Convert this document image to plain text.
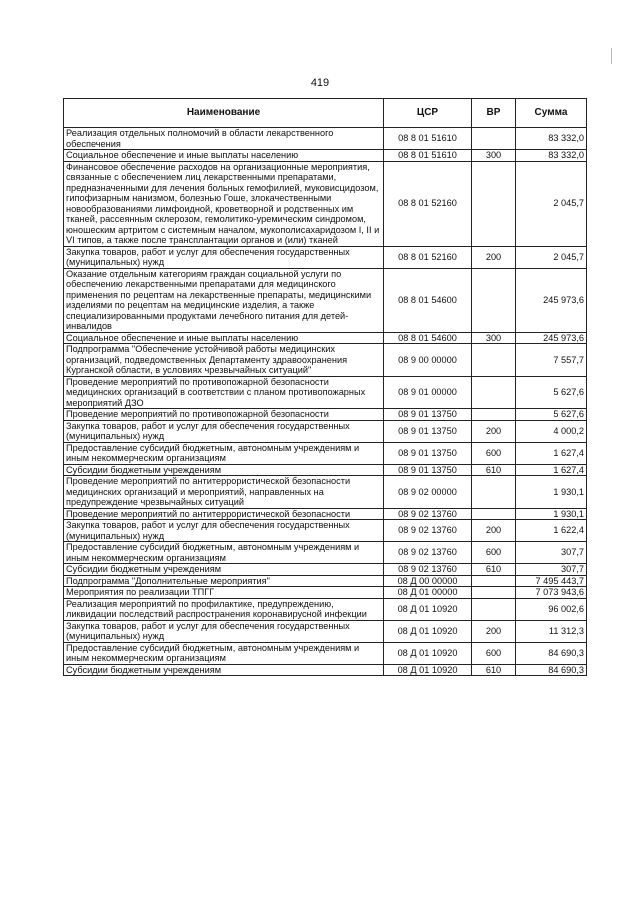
419
Наименование	ЦСР	ВР	Сумма
Реализация отдельных полномочий в области лекарственного обеспечения	08 8 01 51610		83 332,0
Социальное обеспечение и иные выплаты населению	08 8 01 51610	300	83 332,0
Финансовое обеспечение расходов на организационные мероприятия, связанные с обеспечением лиц лекарственными препаратами, предназначенными для лечения больных гемофилией, муковисцидозом, гипофизарным нанизмом, болезнью Гоше, злокачественными новообразованиями лимфоидной, кроветворной и родственных им тканей, рассеянным склерозом, гемолитико-уремическим синдромом, юношеским артритом с системным началом, мукополисахаридозом I, II и VI типов, а также после трансплантации органов и (или) тканей	08 8 01 52160		2 045,7
Закупка товаров, работ и услуг для обеспечения государственных (муниципальных) нужд	08 8 01 52160	200	2 045,7
Оказание отдельным категориям граждан социальной услуги по обеспечению лекарственными препаратами для медицинского применения по рецептам на лекарственные препараты, медицинскими изделиями по рецептам на медицинские изделия, а также специализированными продуктами лечебного питания для детей-инвалидов	08 8 01 54600		245 973,6
Социальное обеспечение и иные выплаты населению	08 8 01 54600	300	245 973,6
Подпрограмма "Обеспечение устойчивой работы медицинских организаций, подведомственных Департаменту здравоохранения Курганской области, в условиях чрезвычайных ситуаций"	08 9 00 00000		7 557,7
Проведение мероприятий по противопожарной безопасности медицинских организаций в соответствии с планом противопожарных мероприятий ДЗО	08 9 01 00000		5 627,6
Проведение мероприятий по противопожарной безопасности	08 9 01 13750		5 627,6
Закупка товаров, работ и услуг для обеспечения государственных (муниципальных) нужд	08 9 01 13750	200	4 000,2
Предоставление субсидий бюджетным, автономным учреждениям и иным некоммерческим организациям	08 9 01 13750	600	1 627,4
Субсидии бюджетным учреждениям	08 9 01 13750	610	1 627,4
Проведение мероприятий по антитеррористической безопасности медицинских организаций и мероприятий, направленных на предупреждение чрезвычайных ситуаций	08 9 02 00000		1 930,1
Проведение мероприятий по антитеррористической безопасности	08 9 02 13760		1 930,1
Закупка товаров, работ и услуг для обеспечения государственных (муниципальных) нужд	08 9 02 13760	200	1 622,4
Предоставление субсидий бюджетным, автономным учреждениям и иным некоммерческим организациям	08 9 02 13760	600	307,7
Субсидии бюджетным учреждениям	08 9 02 13760	610	307,7
Подпрограмма "Дополнительные мероприятия"	08 Д 00 00000		7 495 443,7
Мероприятия по реализации ТПГГ	08 Д 01 00000		7 073 943,6
Реализация мероприятий по профилактике, предупреждению, ликвидации последствий распространения коронавирусной инфекции	08 Д 01 10920		96 002,6
Закупка товаров, работ и услуг для обеспечения государственных (муниципальных) нужд	08 Д 01 10920	200	11 312,3
Предоставление субсидий бюджетным, автономным учреждениям и иным некоммерческим организациям	08 Д 01 10920	600	84 690,3
Субсидии бюджетным учреждениям	08 Д 01 10920	610	84 690,3
